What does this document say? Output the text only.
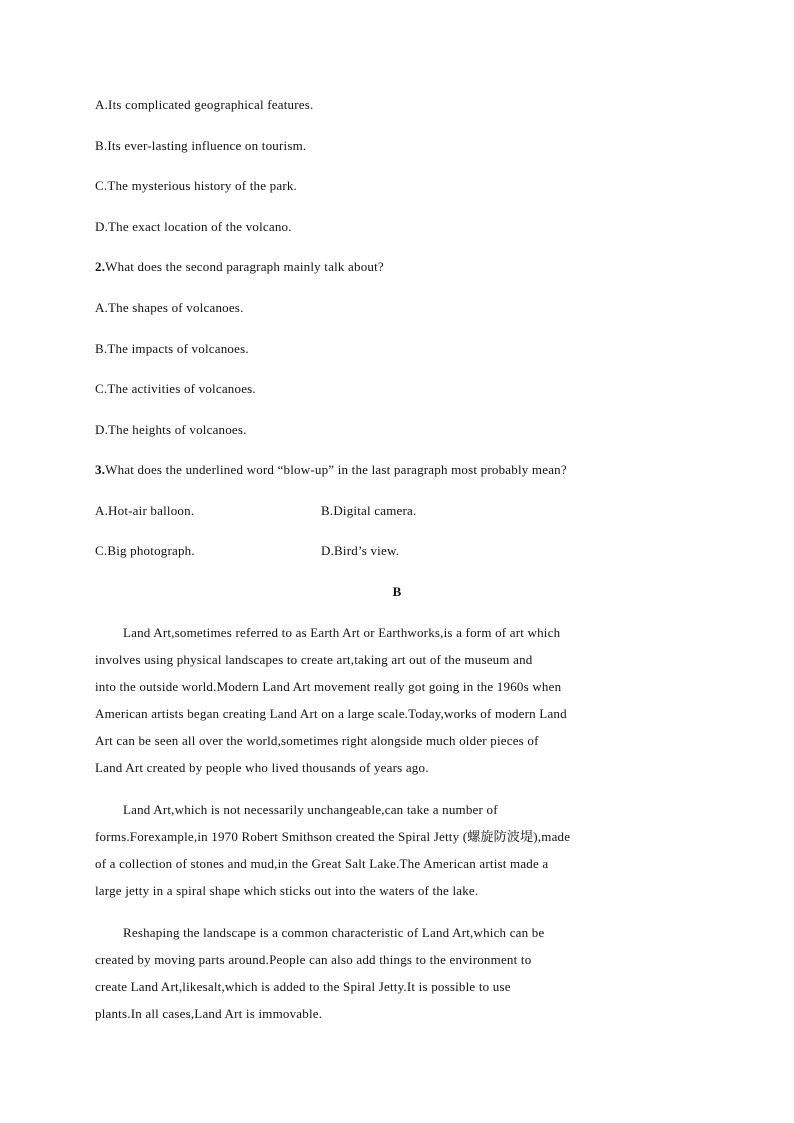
A.Its complicated geographical features.
B.Its ever-lasting influence on tourism.
C.The mysterious history of the park.
D.The exact location of the volcano.
2.What does the second paragraph mainly talk about?
A.The shapes of volcanoes.
B.The impacts of volcanoes.
C.The activities of volcanoes.
D.The heights of volcanoes.
3.What does the underlined word “blow-up” in the last paragraph most probably mean?
A.Hot-air balloon.	B.Digital camera.
C.Big photograph.	D.Bird’s view.
B
Land Art,sometimes referred to as Earth Art or Earthworks,is a form of art which
involves using physical landscapes to create art,taking art out of the museum and
into the outside world.Modern Land Art movement really got going in the 1960s when
American artists began creating Land Art on a large scale.Today,works of modern Land
Art can be seen all over the world,sometimes right alongside much older pieces of
Land Art created by people who lived thousands of years ago.
Land Art,which is not necessarily unchangeable,can take a number of
forms.Forexample,in 1970 Robert Smithson created the Spiral Jetty (螺旋防波堤),made
of a collection of stones and mud,in the Great Salt Lake.The American artist made a
large jetty in a spiral shape which sticks out into the waters of the lake.
Reshaping the landscape is a common characteristic of Land Art,which can be
created by moving parts around.People can also add things to the environment to
create Land Art,likesalt,which is added to the Spiral Jetty.It is possible to use
plants.In all cases,Land Art is immovable.
